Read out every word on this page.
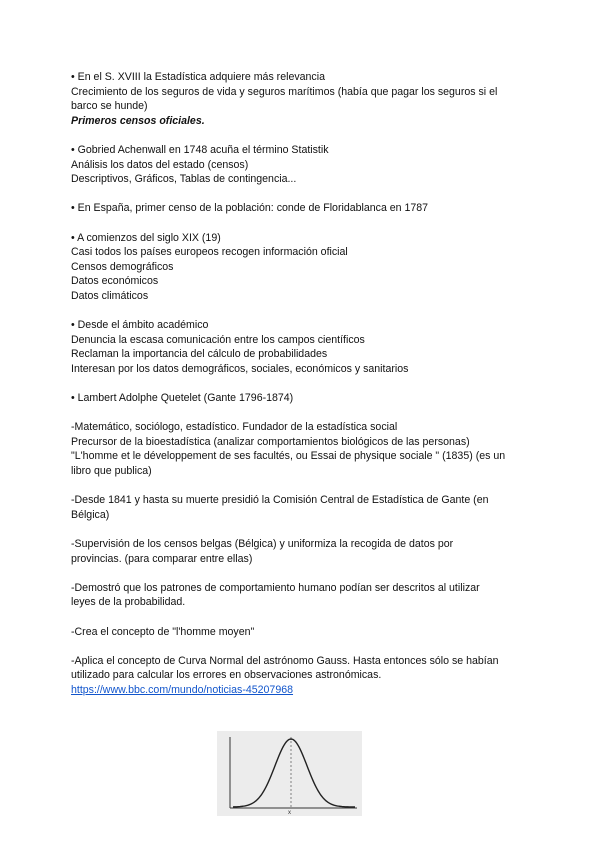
• En el S. XVIII la Estadística adquiere más relevancia
Crecimiento de los seguros de vida y seguros marítimos (había que pagar los seguros si el
barco se hunde)
Primeros censos oficiales.
• Gobried Achenwall en 1748 acuña el término Statistik
Análisis los datos del estado (censos)
Descriptivos, Gráficos, Tablas de contingencia...
• En España, primer censo de la población: conde de Floridablanca en 1787
• A comienzos del siglo XIX (19)
Casi todos los países europeos recogen información oficial
Censos demográficos
Datos económicos
Datos climáticos
• Desde el ámbito académico
Denuncia la escasa comunicación entre los campos científicos
Reclaman la importancia del cálculo de probabilidades
Interesan por los datos demográficos, sociales, económicos y sanitarios
• Lambert Adolphe Quetelet (Gante 1796-1874)
-Matemático, sociólogo, estadístico. Fundador de la estadística social
Precursor de la bioestadística (analizar comportamientos biológicos de las personas)
"L'homme et le développement de ses facultés, ou Essai de physique sociale " (1835) (es un
libro que publica)
-Desde 1841 y hasta su muerte presidió la Comisión Central de Estadística de Gante (en
Bélgica)
-Supervisión de los censos belgas (Bélgica) y uniformiza la recogida de datos por
provincias. (para comparar entre ellas)
-Demostró que los patrones de comportamiento humano podían ser descritos al utilizar
leyes de la probabilidad.
-Crea el concepto de "l'homme moyen"
-Aplica el concepto de Curva Normal del astrónomo Gauss. Hasta entonces sólo se habían
utilizado para calcular los errores en observaciones astronómicas.
https://www.bbc.com/mundo/noticias-45207968
x
